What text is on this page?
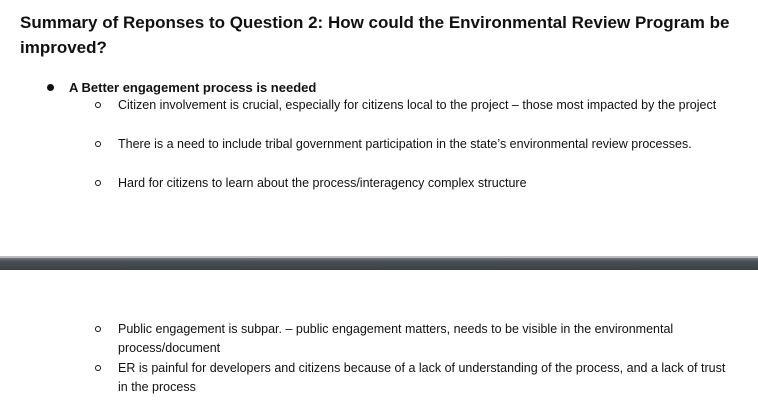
Summary of Reponses to Question 2: How could the Environmental Review Program be improved?
A Better engagement process is needed
Citizen involvement is crucial, especially for citizens local to the project – those most impacted by the project
There is a need to include tribal government participation in the state’s environmental review processes.
Hard for citizens to learn about the process/interagency complex structure
Public engagement is subpar. – public engagement matters, needs to be visible in the environmental process/document
ER is painful for developers and citizens because of a lack of understanding of the process, and a lack of trust in the process
